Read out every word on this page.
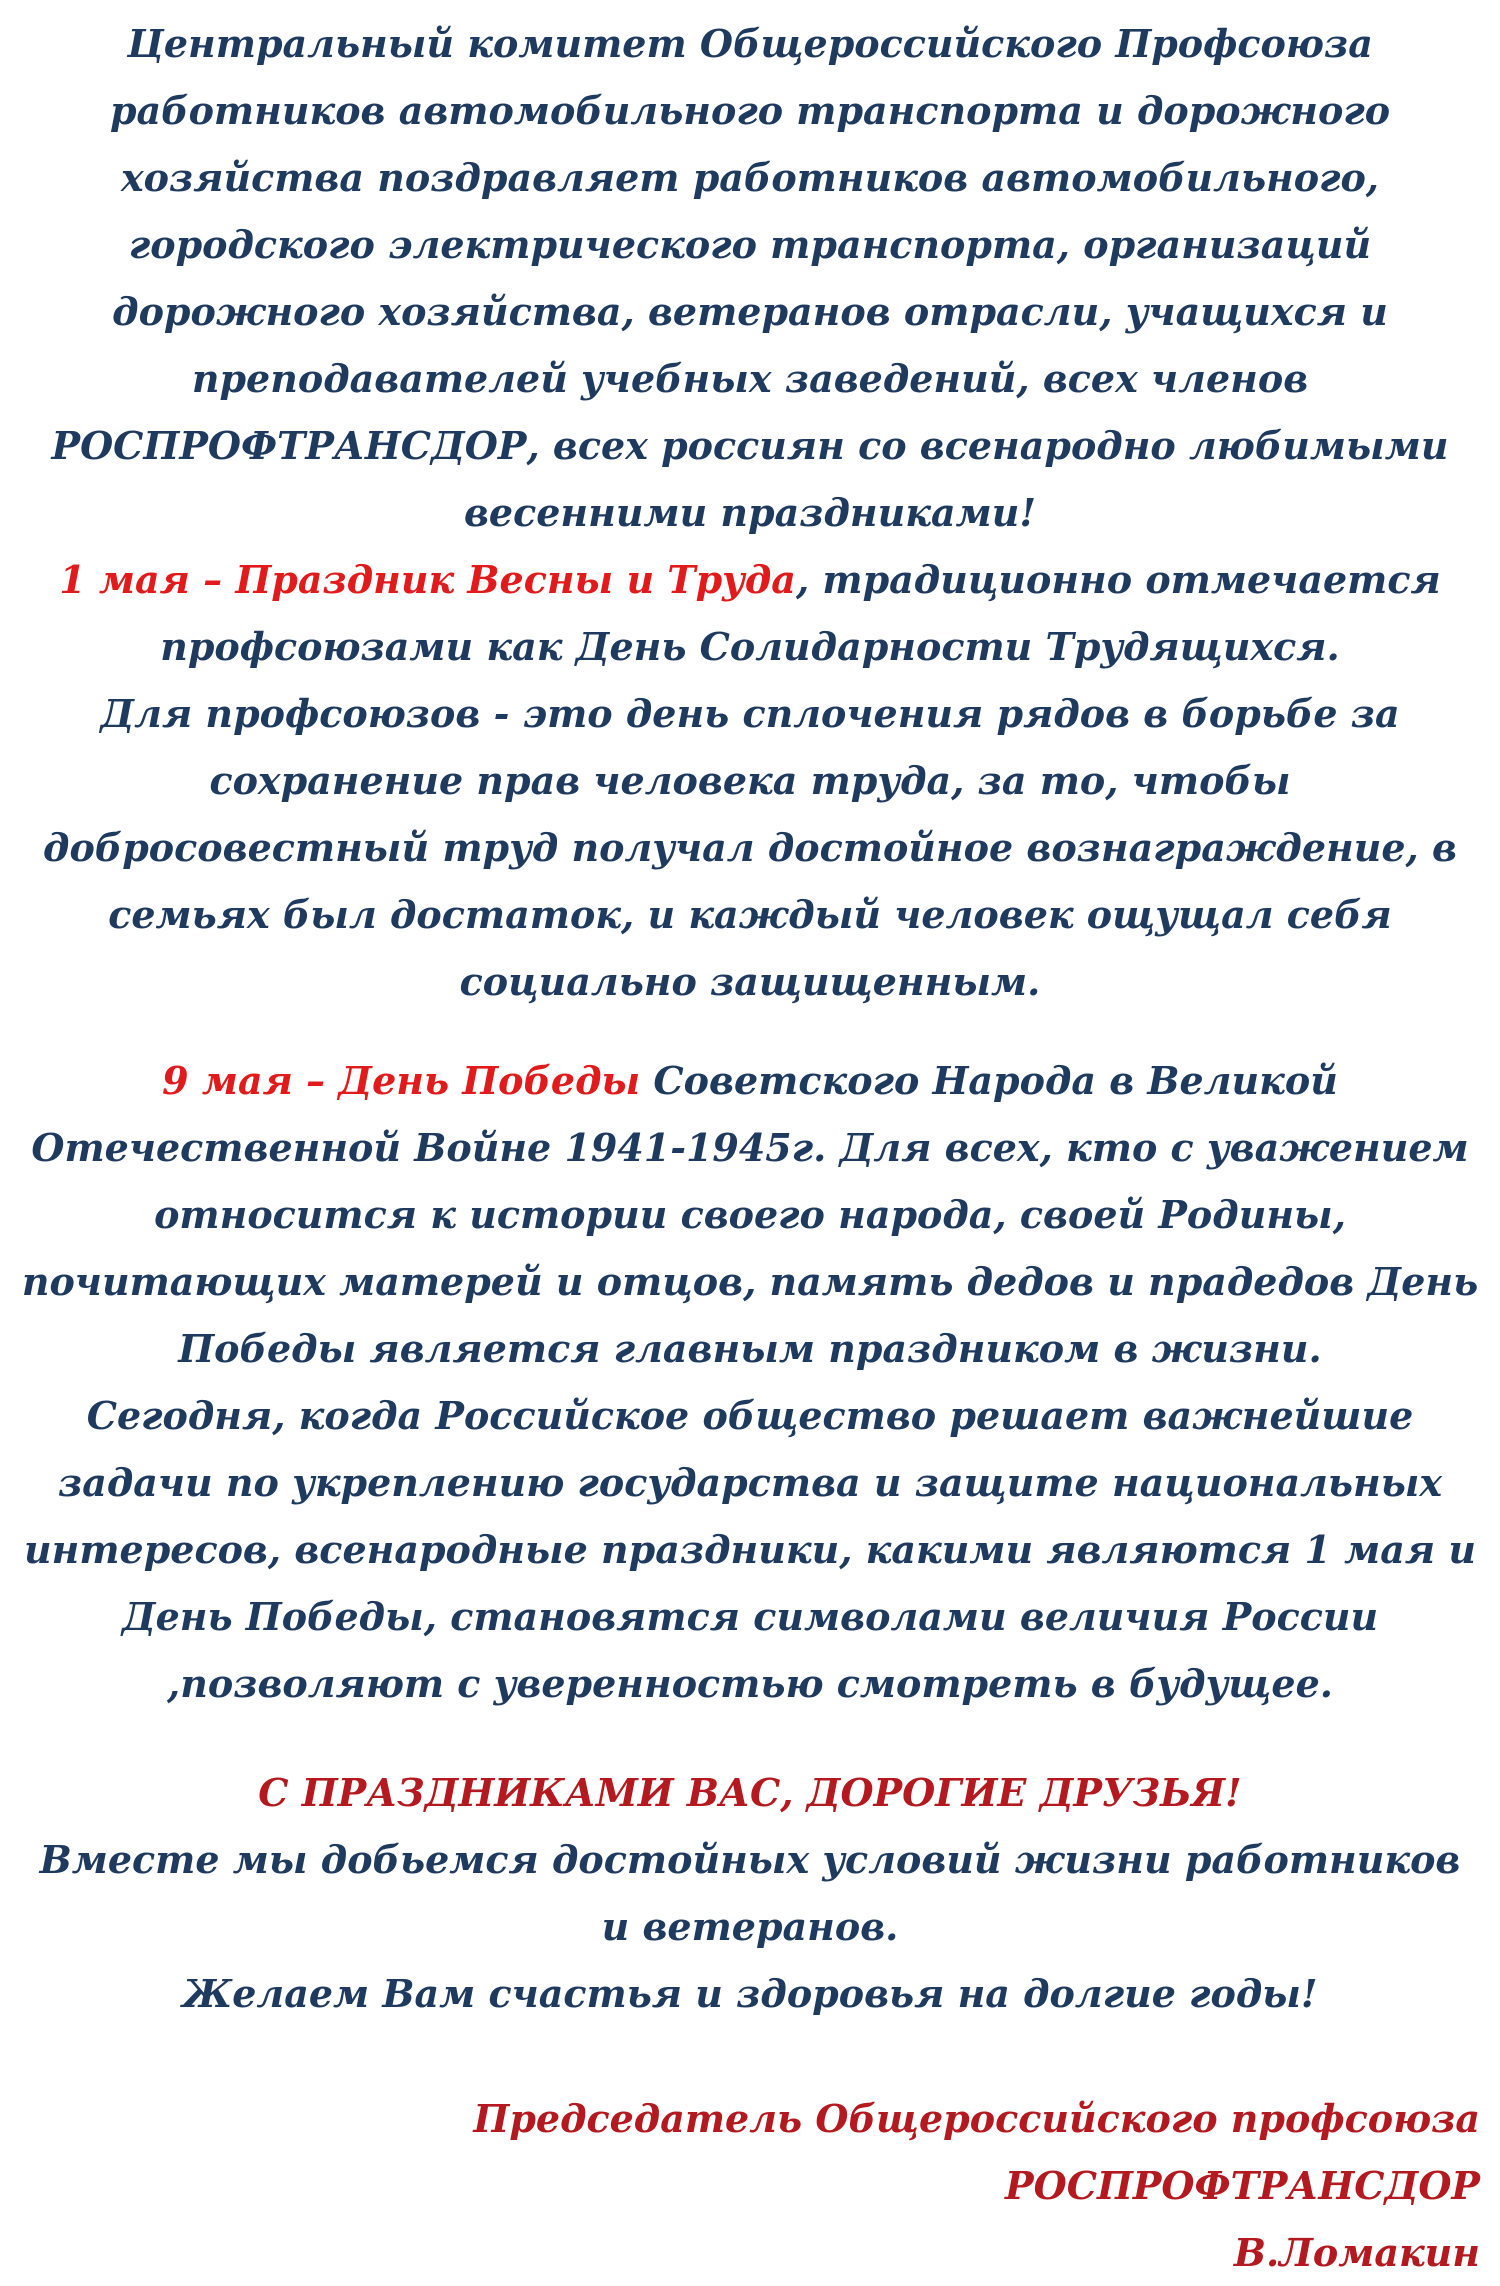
Центральный комитет Общероссийского Профсоюза работников автомобильного транспорта и дорожного хозяйства поздравляет работников автомобильного, городского электрического транспорта, организаций дорожного хозяйства, ветеранов отрасли, учащихся и преподавателей учебных заведений, всех членов РОСПРОФТРАНСДОР, всех россиян со всенародно любимыми весенними праздниками!

1 мая – Праздник Весны и Труда, традиционно отмечается профсоюзами как День Солидарности Трудящихся.

Для профсоюзов - это день сплочения рядов в борьбе за сохранение прав человека труда, за то, чтобы добросовестный труд получал достойное вознаграждение, в семьях был достаток, и каждый человек ощущал себя социально защищенным.

9 мая – День Победы Советского Народа в Великой Отечественной Войне 1941-1945г. Для всех, кто с уважением относится к истории своего народа, своей Родины, почитающих матерей и отцов, память дедов и прадедов День Победы является главным праздником в жизни.

Сегодня, когда Российское общество решает важнейшие задачи по укреплению государства и защите национальных интересов, всенародные праздники, какими являются 1 мая и День Победы, становятся символами величия России ,позволяют с уверенностью смотреть в будущее.

С ПРАЗДНИКАМИ ВАС, ДОРОГИЕ ДРУЗЬЯ!

Вместе мы добьемся достойных условий жизни работников и ветеранов.

Желаем Вам счастья и здоровья на долгие годы!

Председатель Общероссийского профсоюза РОСПРОФТРАНСДОР

В.Ломакин
